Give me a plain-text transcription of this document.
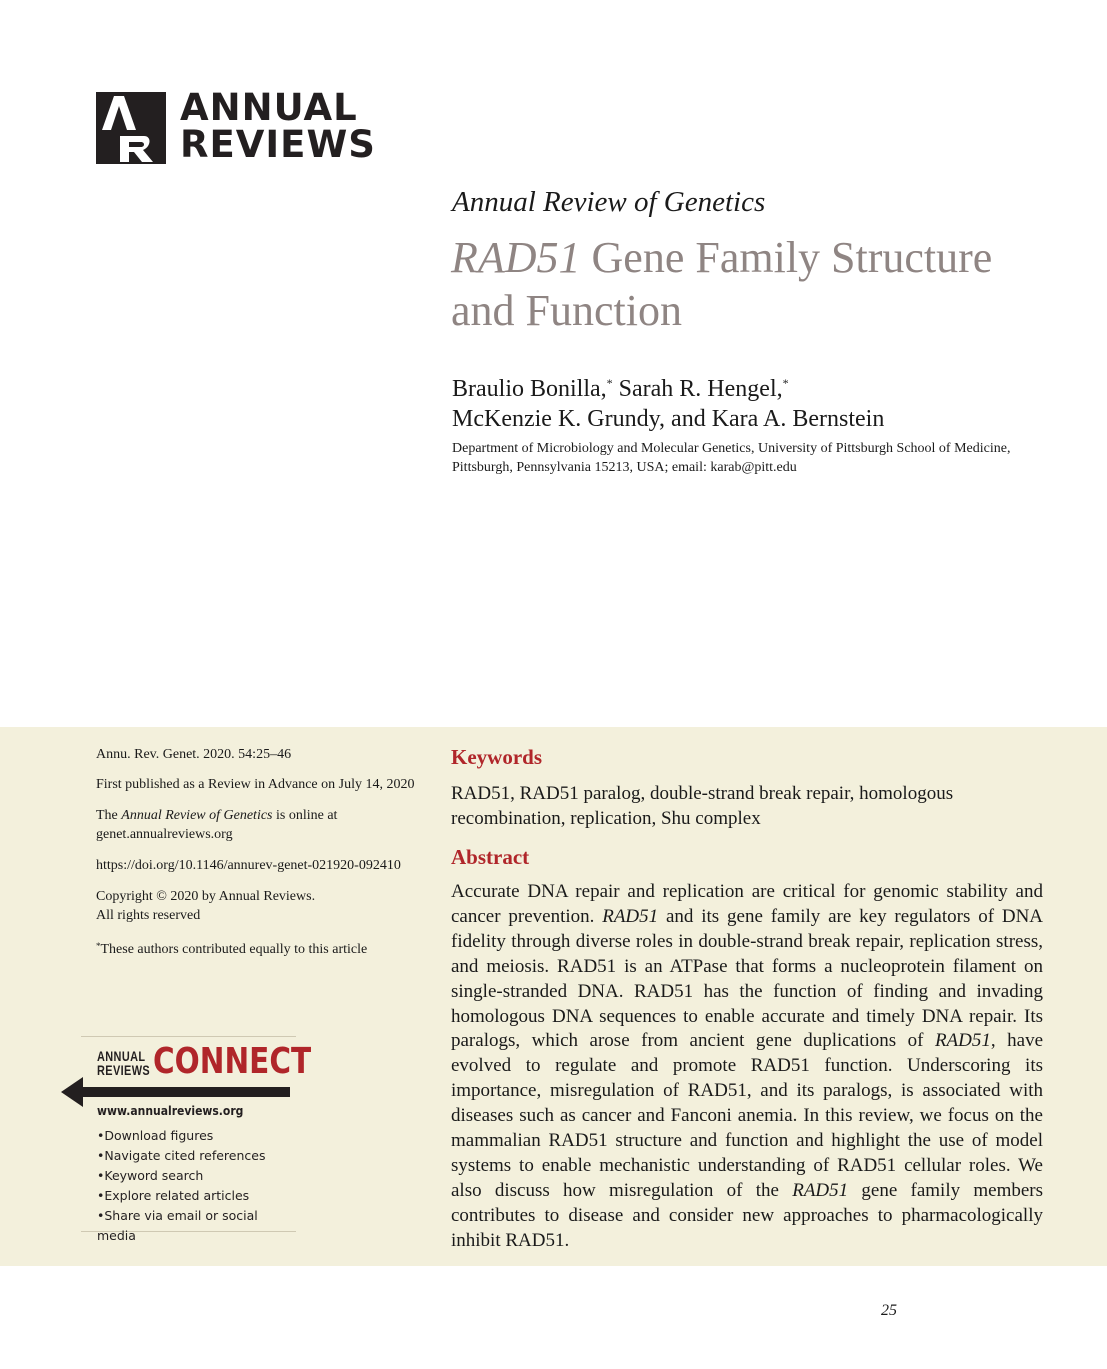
ANNUAL
REVIEWS
Annual Review of Genetics
RAD51 Gene Family Structure
and Function
Braulio Bonilla,* Sarah R. Hengel,*
McKenzie K. Grundy, and Kara A. Bernstein
Department of Microbiology and Molecular Genetics, University of Pittsburgh School of Medicine, Pittsburgh, Pennsylvania 15213, USA; email: karab@pitt.edu

Annu. Rev. Genet. 2020. 54:25–46

First published as a Review in Advance on July 14, 2020

The Annual Review of Genetics is online at genet.annualreviews.org

https://doi.org/10.1146/annurev-genet-021920-092410

Copyright © 2020 by Annual Reviews.
All rights reserved

*These authors contributed equally to this article

ANNUAL
REVIEWS CONNECT
www.annualreviews.org
• Download figures
• Navigate cited references
• Keyword search
• Explore related articles
• Share via email or social media
Keywords
RAD51, RAD51 paralog, double-strand break repair, homologous recombination, replication, Shu complex
Abstract

Accurate DNA repair and replication are critical for genomic stability and cancer prevention. RAD51 and its gene family are key regulators of DNA fidelity through diverse roles in double-strand break repair, replication stress, and meiosis. RAD51 is an ATPase that forms a nucleoprotein filament on single-stranded DNA. RAD51 has the function of finding and invading homologous DNA sequences to enable accurate and timely DNA repair. Its paralogs, which arose from ancient gene duplications of RAD51, have evolved to regulate and promote RAD51 function. Underscoring its importance, misregulation of RAD51, and its paralogs, is associated with diseases such as cancer and Fanconi anemia. In this review, we focus on the mammalian RAD51 structure and function and highlight the use of model systems to enable mechanistic understanding of RAD51 cellular roles. We also discuss how misregulation of the RAD51 gene family members contributes to disease and consider new approaches to pharmacologically inhibit RAD51.

25
